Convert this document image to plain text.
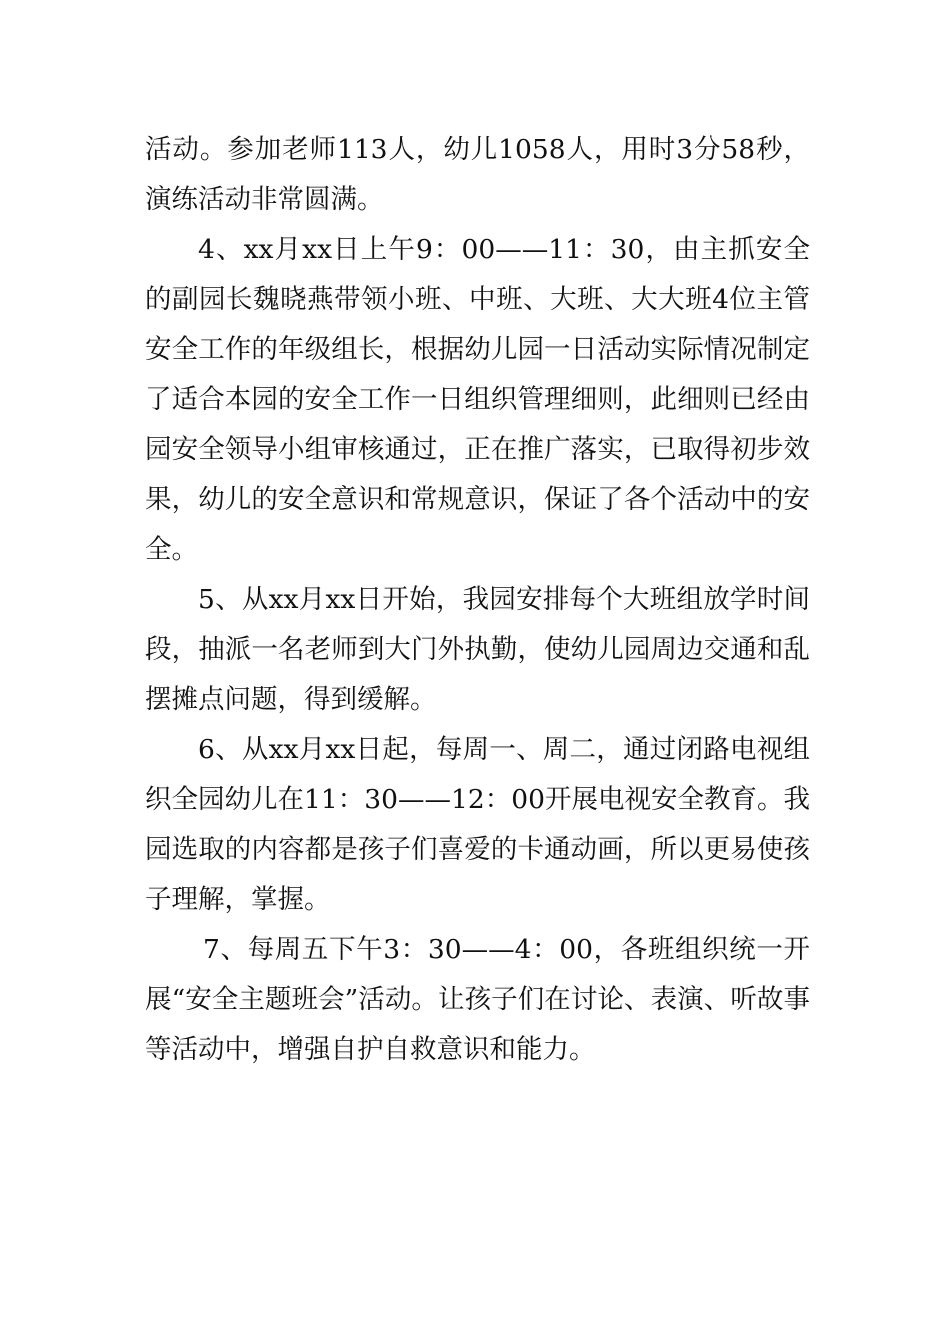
活动。参加老师113人，幼儿1058人，用时3分58秒，演练活动非常圆满。

4、xx月xx日上午9：00——11：30，由主抓安全的副园长魏晓燕带领小班、中班、大班、大大班4位主管安全工作的年级组长，根据幼儿园一日活动实际情况制定了适合本园的安全工作一日组织管理细则，此细则已经由园安全领导小组审核通过，正在推广落实，已取得初步效果，幼儿的安全意识和常规意识，保证了各个活动中的安全。

5、从xx月xx日开始，我园安排每个大班组放学时间段，抽派一名老师到大门外执勤，使幼儿园周边交通和乱摆摊点问题，得到缓解。

6、从xx月xx日起，每周一、周二，通过闭路电视组织全园幼儿在11：30——12：00开展电视安全教育。我园选取的内容都是孩子们喜爱的卡通动画，所以更易使孩子理解，掌握。

7、每周五下午3：30——4：00，各班组织统一开展“安全主题班会”活动。让孩子们在讨论、表演、听故事等活动中，增强自护自救意识和能力。
